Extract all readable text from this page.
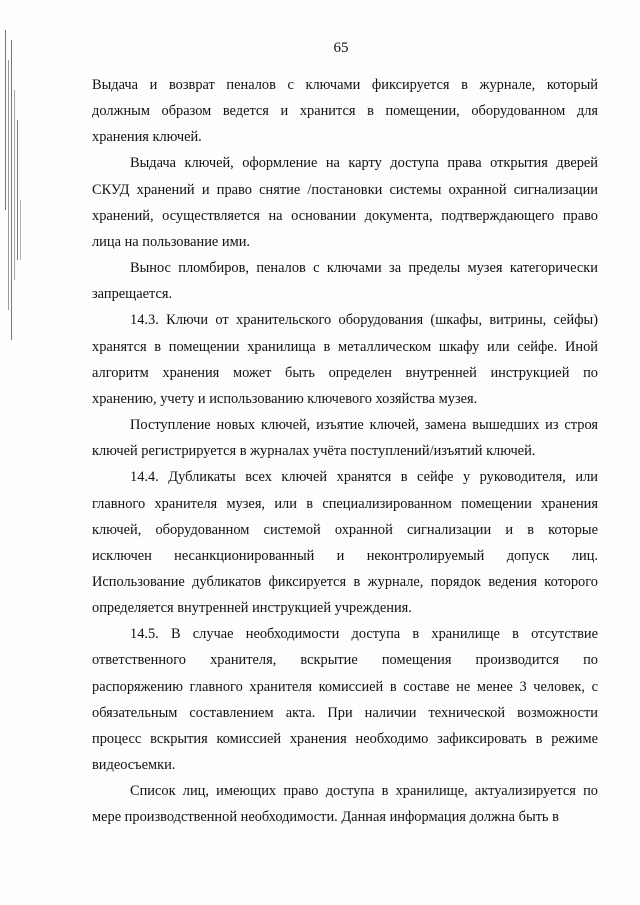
65

Выдача и возврат пеналов с ключами фиксируется в журнале, который
должным образом ведется и хранится в помещении, оборудованном для
хранения ключей.

Выдача ключей, оформление на карту доступа права открытия дверей
СКУД хранений и право снятие /постановки системы охранной сигнализации
хранений, осуществляется на основании документа, подтверждающего право
лица на пользование ими.

Вынос пломбиров, пеналов с ключами за пределы музея категорически
запрещается.

14.3. Ключи от хранительского оборудования (шкафы, витрины, сейфы)
хранятся в помещении хранилища в металлическом шкафу или сейфе. Иной
алгоритм хранения может быть определен внутренней инструкцией по
хранению, учету и использованию ключевого хозяйства музея.

Поступление новых ключей, изъятие ключей, замена вышедших из строя
ключей регистрируется в журналах учёта поступлений/изъятий ключей.

14.4. Дубликаты всех ключей хранятся в сейфе у руководителя, или
главного хранителя музея, или в специализированном помещении хранения
ключей, оборудованном системой охранной сигнализации и в которые
исключен несанкционированный и неконтролируемый допуск лиц.
Использование дубликатов фиксируется в журнале, порядок ведения которого
определяется внутренней инструкцией учреждения.

14.5. В случае необходимости доступа в хранилище в отсутствие
ответственного хранителя, вскрытие помещения производится по
распоряжению главного хранителя комиссией в составе не менее 3 человек, с
обязательным составлением акта. При наличии технической возможности
процесс вскрытия комиссией хранения необходимо зафиксировать в режиме
видеосъемки.

Список лиц, имеющих право доступа в хранилище, актуализируется по
мере производственной необходимости. Данная информация должна быть в
